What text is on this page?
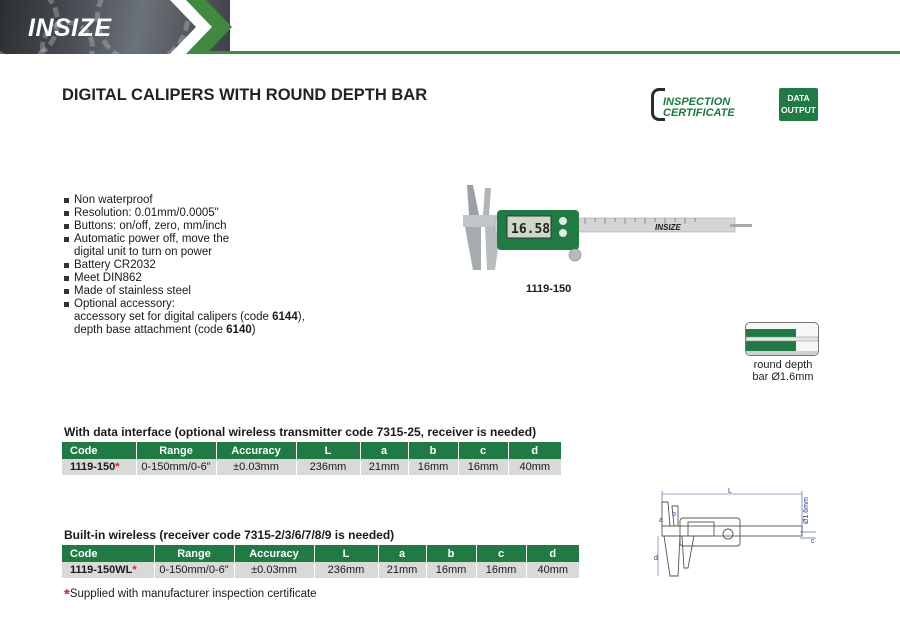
INSIZE
DIGITAL CALIPERS WITH ROUND DEPTH BAR	INSPECTION
CERTIFICATE
DATA
OUTPUT
Non waterproof
Resolution: 0.01mm/0.0005"
Buttons: on/off, zero, mm/inch
Automatic power off, move the
digital unit to turn on power
Battery CR2032
Meet DIN862
Made of stainless steel
Optional accessory:
accessory set for digital calipers (code 6144),
depth base attachment (code 6140)
16.58	INSIZE
1119-150
round depth
bar Ø1.6mm
With data interface (optional wireless transmitter code 7315-25, receiver is needed)
Code	Range	Accuracy	L	a	b	c	d
1119-150*	0-150mm/0-6"	±0.03mm	236mm	21mm	16mm	16mm	40mm
Built-in wireless (receiver code 7315-2/3/6/7/8/9 is needed)
Code	Range	Accuracy	L	a	b	c	d
1119-150WL*	0-150mm/0-6"	±0.03mm	236mm	21mm	16mm	16mm	40mm
*Supplied with manufacturer inspection certificate
L
Ø1.6mm
c
a
b
d
